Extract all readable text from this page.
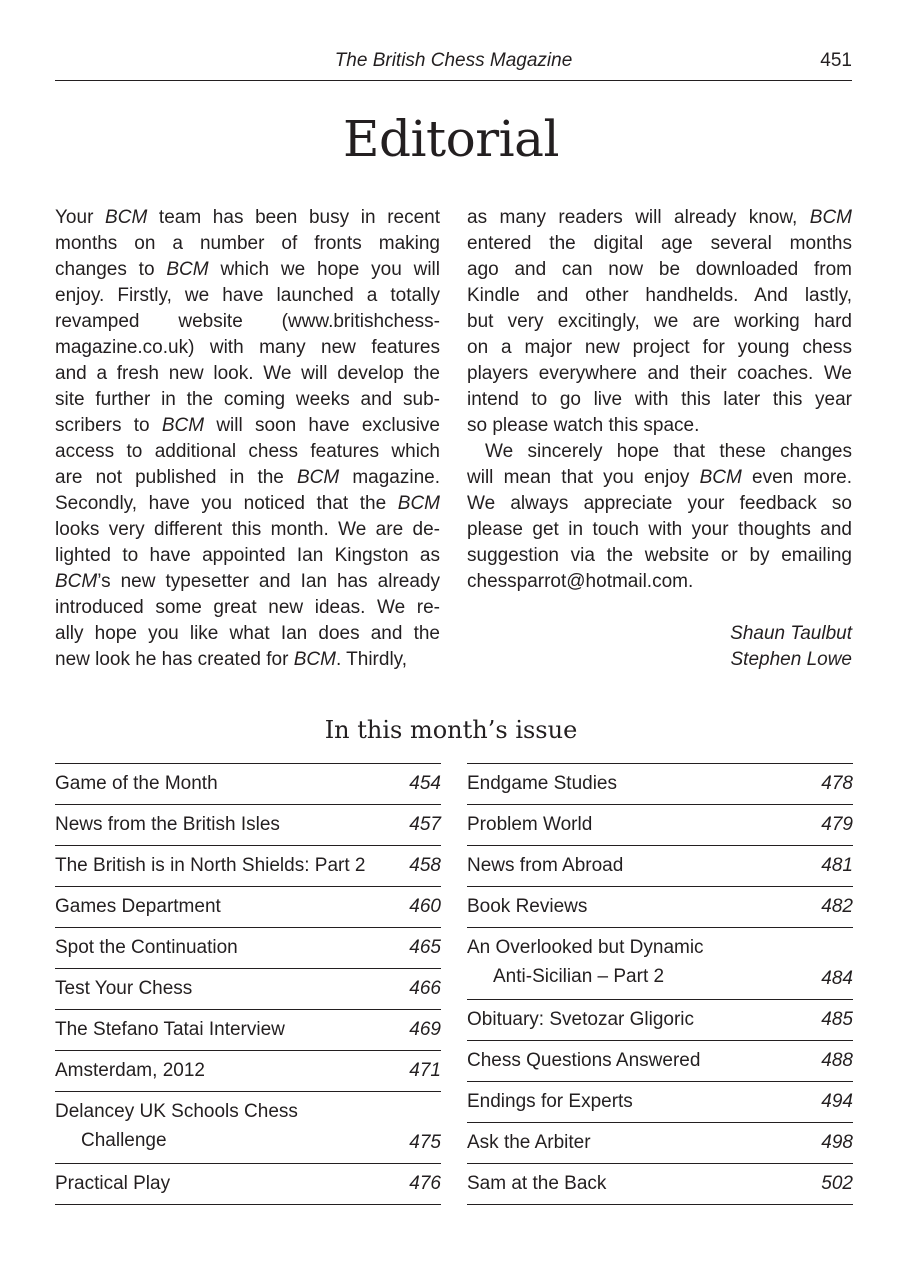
The British Chess Magazine	451
Editorial
Your BCM team has been busy in recent
months on a number of fronts making
changes to BCM which we hope you will
enjoy. Firstly, we have launched a totally
revamped website (www.britishchess-
magazine.co.uk) with many new features
and a fresh new look. We will develop the
site further in the coming weeks and sub-
scribers to BCM will soon have exclusive
access to additional chess features which
are not published in the BCM magazine.
Secondly, have you noticed that the BCM
looks very different this month. We are de-
lighted to have appointed Ian Kingston as
BCM’s new typesetter and Ian has already
introduced some great new ideas. We re-
ally hope you like what Ian does and the
new look he has created for BCM. Thirdly,
as many readers will already know, BCM
entered the digital age several months
ago and can now be downloaded from
Kindle and other handhelds. And lastly,
but very excitingly, we are working hard
on a major new project for young chess
players everywhere and their coaches. We
intend to go live with this later this year
so please watch this space.
We sincerely hope that these changes
will mean that you enjoy BCM even more.
We always appreciate your feedback so
please get in touch with your thoughts and
suggestion via the website or by emailing
chessparrot@hotmail.com.
Shaun Taulbut
Stephen Lowe
In this month’s issue
Game of the Month	454
News from the British Isles	457
The British is in North Shields: Part 2 458
Games Department	460
Spot the Continuation	465
Test Your Chess	466
The Stefano Tatai Interview	469
Amsterdam, 2012	471
Delancey UK Schools Chess
Challenge	475
Practical Play	476
Endgame Studies	478
Problem World	479
News from Abroad	481
Book Reviews	482
An Overlooked but Dynamic
Anti-Sicilian – Part 2	484
Obituary: Svetozar Gligoric	485
Chess Questions Answered	488
Endings for Experts	494
Ask the Arbiter	498
Sam at the Back	502
